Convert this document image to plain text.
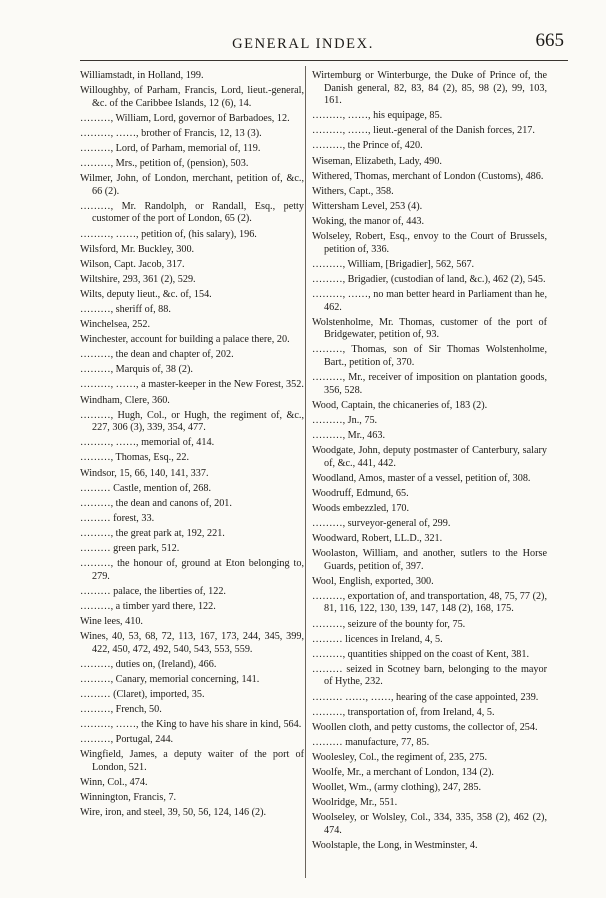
GENERAL INDEX.	665

Williamstadt, in Holland, 199.

Willoughby, of Parham, Francis, Lord, lieut.-general, &c. of the Caribbee Islands, 12 (6), 14.

………, William, Lord, governor of Barbadoes, 12.

………, ……, brother of Francis, 12, 13 (3).

………, Lord, of Parham, memorial of, 119.

………, Mrs., petition of, (pension), 503.

Wilmer, John, of London, merchant, petition of, &c., 66 (2).

………, Mr. Randolph, or Randall, Esq., petty customer of the port of London, 65 (2).

………, ……, petition of, (his salary), 196.

Wilsford, Mr. Buckley, 300.

Wilson, Capt. Jacob, 317.

Wiltshire, 293, 361 (2), 529.

Wilts, deputy lieut., &c. of, 154.

………, sheriff of, 88.

Winchelsea, 252.

Winchester, account for building a palace there, 20.

………, the dean and chapter of, 202.

………, Marquis of, 38 (2).

………, ……, a master-keeper in the New Forest, 352.

Windham, Clere, 360.

………, Hugh, Col., or Hugh, the regiment of, &c., 227, 306 (3), 339, 354, 477.

………, ……, memorial of, 414.

………, Thomas, Esq., 22.

Windsor, 15, 66, 140, 141, 337.

……… Castle, mention of, 268.

………, the dean and canons of, 201.

……… forest, 33.

………, the great park at, 192, 221.

……… green park, 512.

………, the honour of, ground at Eton belonging to, 279.

……… palace, the liberties of, 122.

………, a timber yard there, 122.

Wine lees, 410.

Wines, 40, 53, 68, 72, 113, 167, 173, 244, 345, 399, 422, 450, 472, 492, 540, 543, 553, 559.

………, duties on, (Ireland), 466.

………, Canary, memorial concerning, 141.

……… (Claret), imported, 35.

………, French, 50.

………, ……, the King to have his share in kind, 564.

………, Portugal, 244.

Wingfield, James, a deputy waiter of the port of London, 521.

Winn, Col., 474.

Winnington, Francis, 7.

Wire, iron, and steel, 39, 50, 56, 124, 146 (2).

Wirtemburg or Winterburge, the Duke of Prince of, the Danish general, 82, 83, 84 (2), 85, 98 (2), 99, 103, 161.

………, ……, his equipage, 85.

………, ……, lieut.-general of the Danish forces, 217.

………, the Prince of, 420.

Wiseman, Elizabeth, Lady, 490.

Withered, Thomas, merchant of London (Customs), 486.

Withers, Capt., 358.

Wittersham Level, 253 (4).

Woking, the manor of, 443.

Wolseley, Robert, Esq., envoy to the Court of Brussels, petition of, 336.

………, William, [Brigadier], 562, 567.

………, Brigadier, (custodian of land, &c.), 462 (2), 545.

………, ……, no man better heard in Parliament than he, 462.

Wolstenholme, Mr. Thomas, customer of the port of Bridgewater, petition of, 93.

………, Thomas, son of Sir Thomas Wolstenholme, Bart., petition of, 370.

………, Mr., receiver of imposition on plantation goods, 356, 528.

Wood, Captain, the chicaneries of, 183 (2).

………, Jn., 75.

………, Mr., 463.

Woodgate, John, deputy postmaster of Canterbury, salary of, &c., 441, 442.

Woodland, Amos, master of a vessel, petition of, 308.

Woodruff, Edmund, 65.

Woods embezzled, 170.

………, surveyor-general of, 299.

Woodward, Robert, LL.D., 321.

Woolaston, William, and another, sutlers to the Horse Guards, petition of, 397.

Wool, English, exported, 300.

………, exportation of, and transportation, 48, 75, 77 (2), 81, 116, 122, 130, 139, 147, 148 (2), 168, 175.

………, seizure of the bounty for, 75.

……… licences in Ireland, 4, 5.

………, quantities shipped on the coast of Kent, 381.

……… seized in Scotney barn, belonging to the mayor of Hythe, 232.

……… ……, ……, hearing of the case appointed, 239.

………, transportation of, from Ireland, 4, 5.

Woollen cloth, and petty customs, the collector of, 254.

……… manufacture, 77, 85.

Woolesley, Col., the regiment of, 235, 275.

Woolfe, Mr., a merchant of London, 134 (2).

Woollet, Wm., (army clothing), 247, 285.

Woolridge, Mr., 551.

Woolseley, or Wolsley, Col., 334, 335, 358 (2), 462 (2), 474.

Woolstaple, the Long, in Westminster, 4.
